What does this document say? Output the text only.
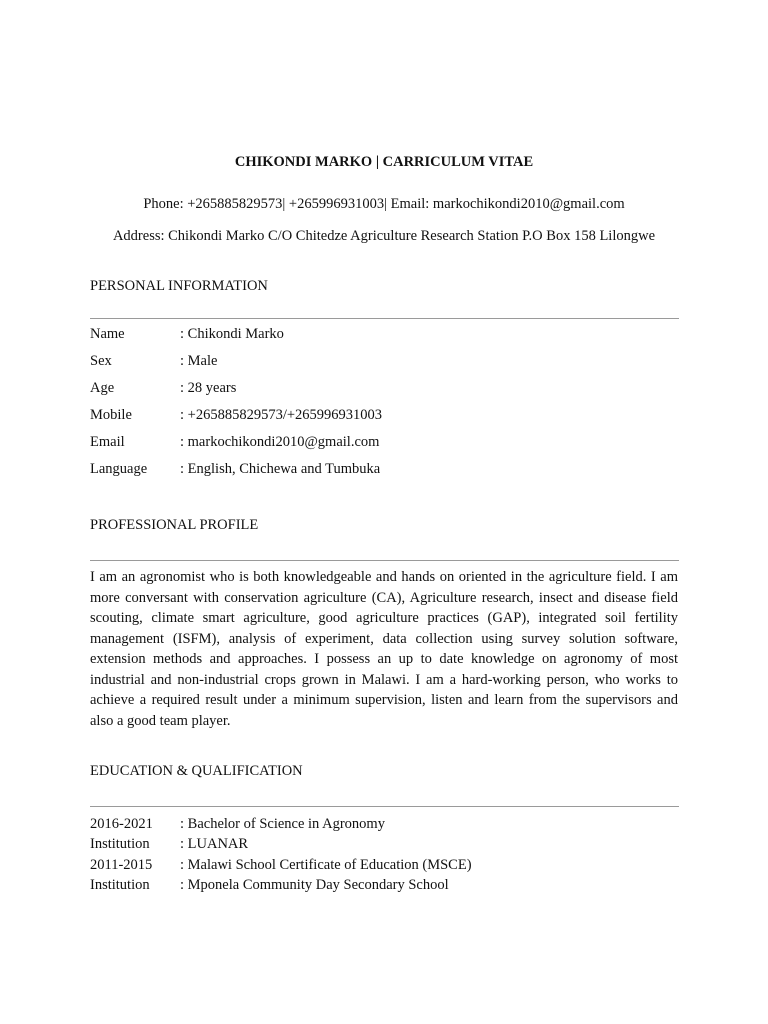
CHIKONDI MARKO | CARRICULUM VITAE
Phone: +265885829573| +265996931003| Email: markochikondi2010@gmail.com
Address: Chikondi Marko C/O Chitedze Agriculture Research Station P.O Box 158 Lilongwe
PERSONAL INFORMATION
Name	: Chikondi Marko
Sex	: Male
Age	: 28 years
Mobile	: +265885829573/+265996931003
Email	: markochikondi2010@gmail.com
Language	: English, Chichewa and Tumbuka
PROFESSIONAL PROFILE

I am an agronomist who is both knowledgeable and hands on oriented in the agriculture field. I am more conversant with conservation agriculture (CA), Agriculture research, insect and disease field scouting, climate smart agriculture, good agriculture practices (GAP), integrated soil fertility management (ISFM), analysis of experiment, data collection using survey solution software, extension methods and approaches. I possess an up to date knowledge on agronomy of most industrial and non-industrial crops grown in Malawi. I am a hard-working person, who works to achieve a required result under a minimum supervision, listen and learn from the supervisors and also a good team player.

EDUCATION & QUALIFICATION
2016-2021	: Bachelor of Science in Agronomy
Institution	: LUANAR
2011-2015	: Malawi School Certificate of Education (MSCE)
Institution	: Mponela Community Day Secondary School
